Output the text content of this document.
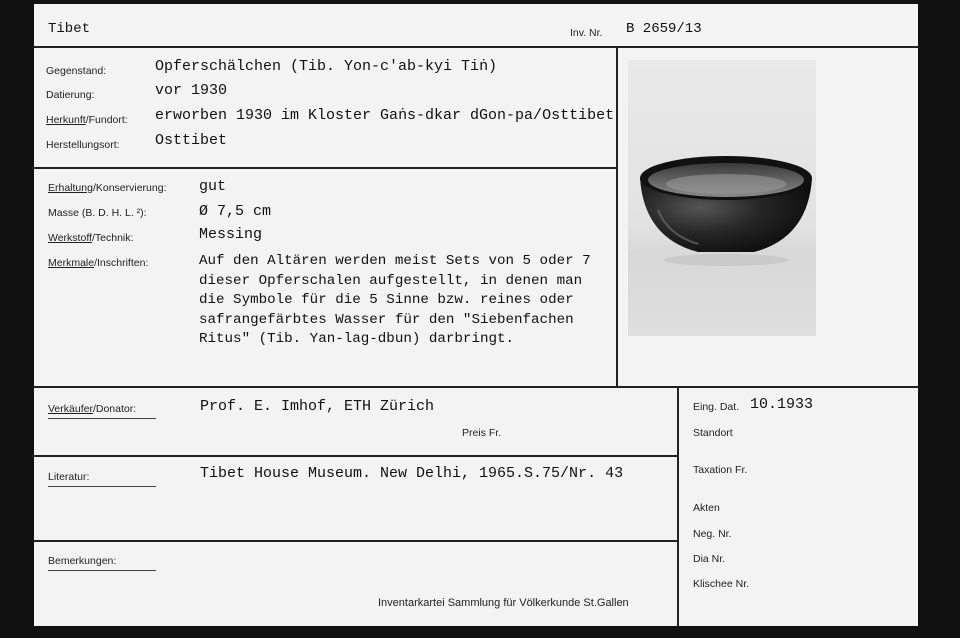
Tibet	Inv. Nr. B 2659/13
Gegenstand:	Opferschälchen (Tib. Yon-c'ab-kyi Tiṅ)
Datierung:	vor 1930
Herkunft/Fundort: erworben 1930 im Kloster Gaṅs-dkar dGon-pa/Osttibet
Herstellungsort: Osttibet
Erhaltung/Konservierung: gut
Masse (B. D. H. L. ²):	Ø 7,5 cm
Werkstoff/Technik:	Messing
Merkmale/Inschriften:	Auf den Altären werden meist Sets von 5 oder 7
dieser Opferschalen aufgestellt, in denen man
die Symbole für die 5 Sinne bzw. reines oder
safrangefärbtes Wasser für den "Siebenfachen
Ritus" (Tib. Yan-lag-dbun) darbringt.
Verkäufer/Donator:	Prof. E. Imhof, ETH Zürich
Preis Fr.
Literatur:	Tibet House Museum. New Delhi, 1965.S.75/Nr. 43
Bemerkungen:
Inventarkartei Sammlung für Völkerkunde St.Gallen
Eing. Dat. 10.1933
Standort
Taxation Fr.
Akten
Neg. Nr.
Dia Nr.
Klischee Nr.
